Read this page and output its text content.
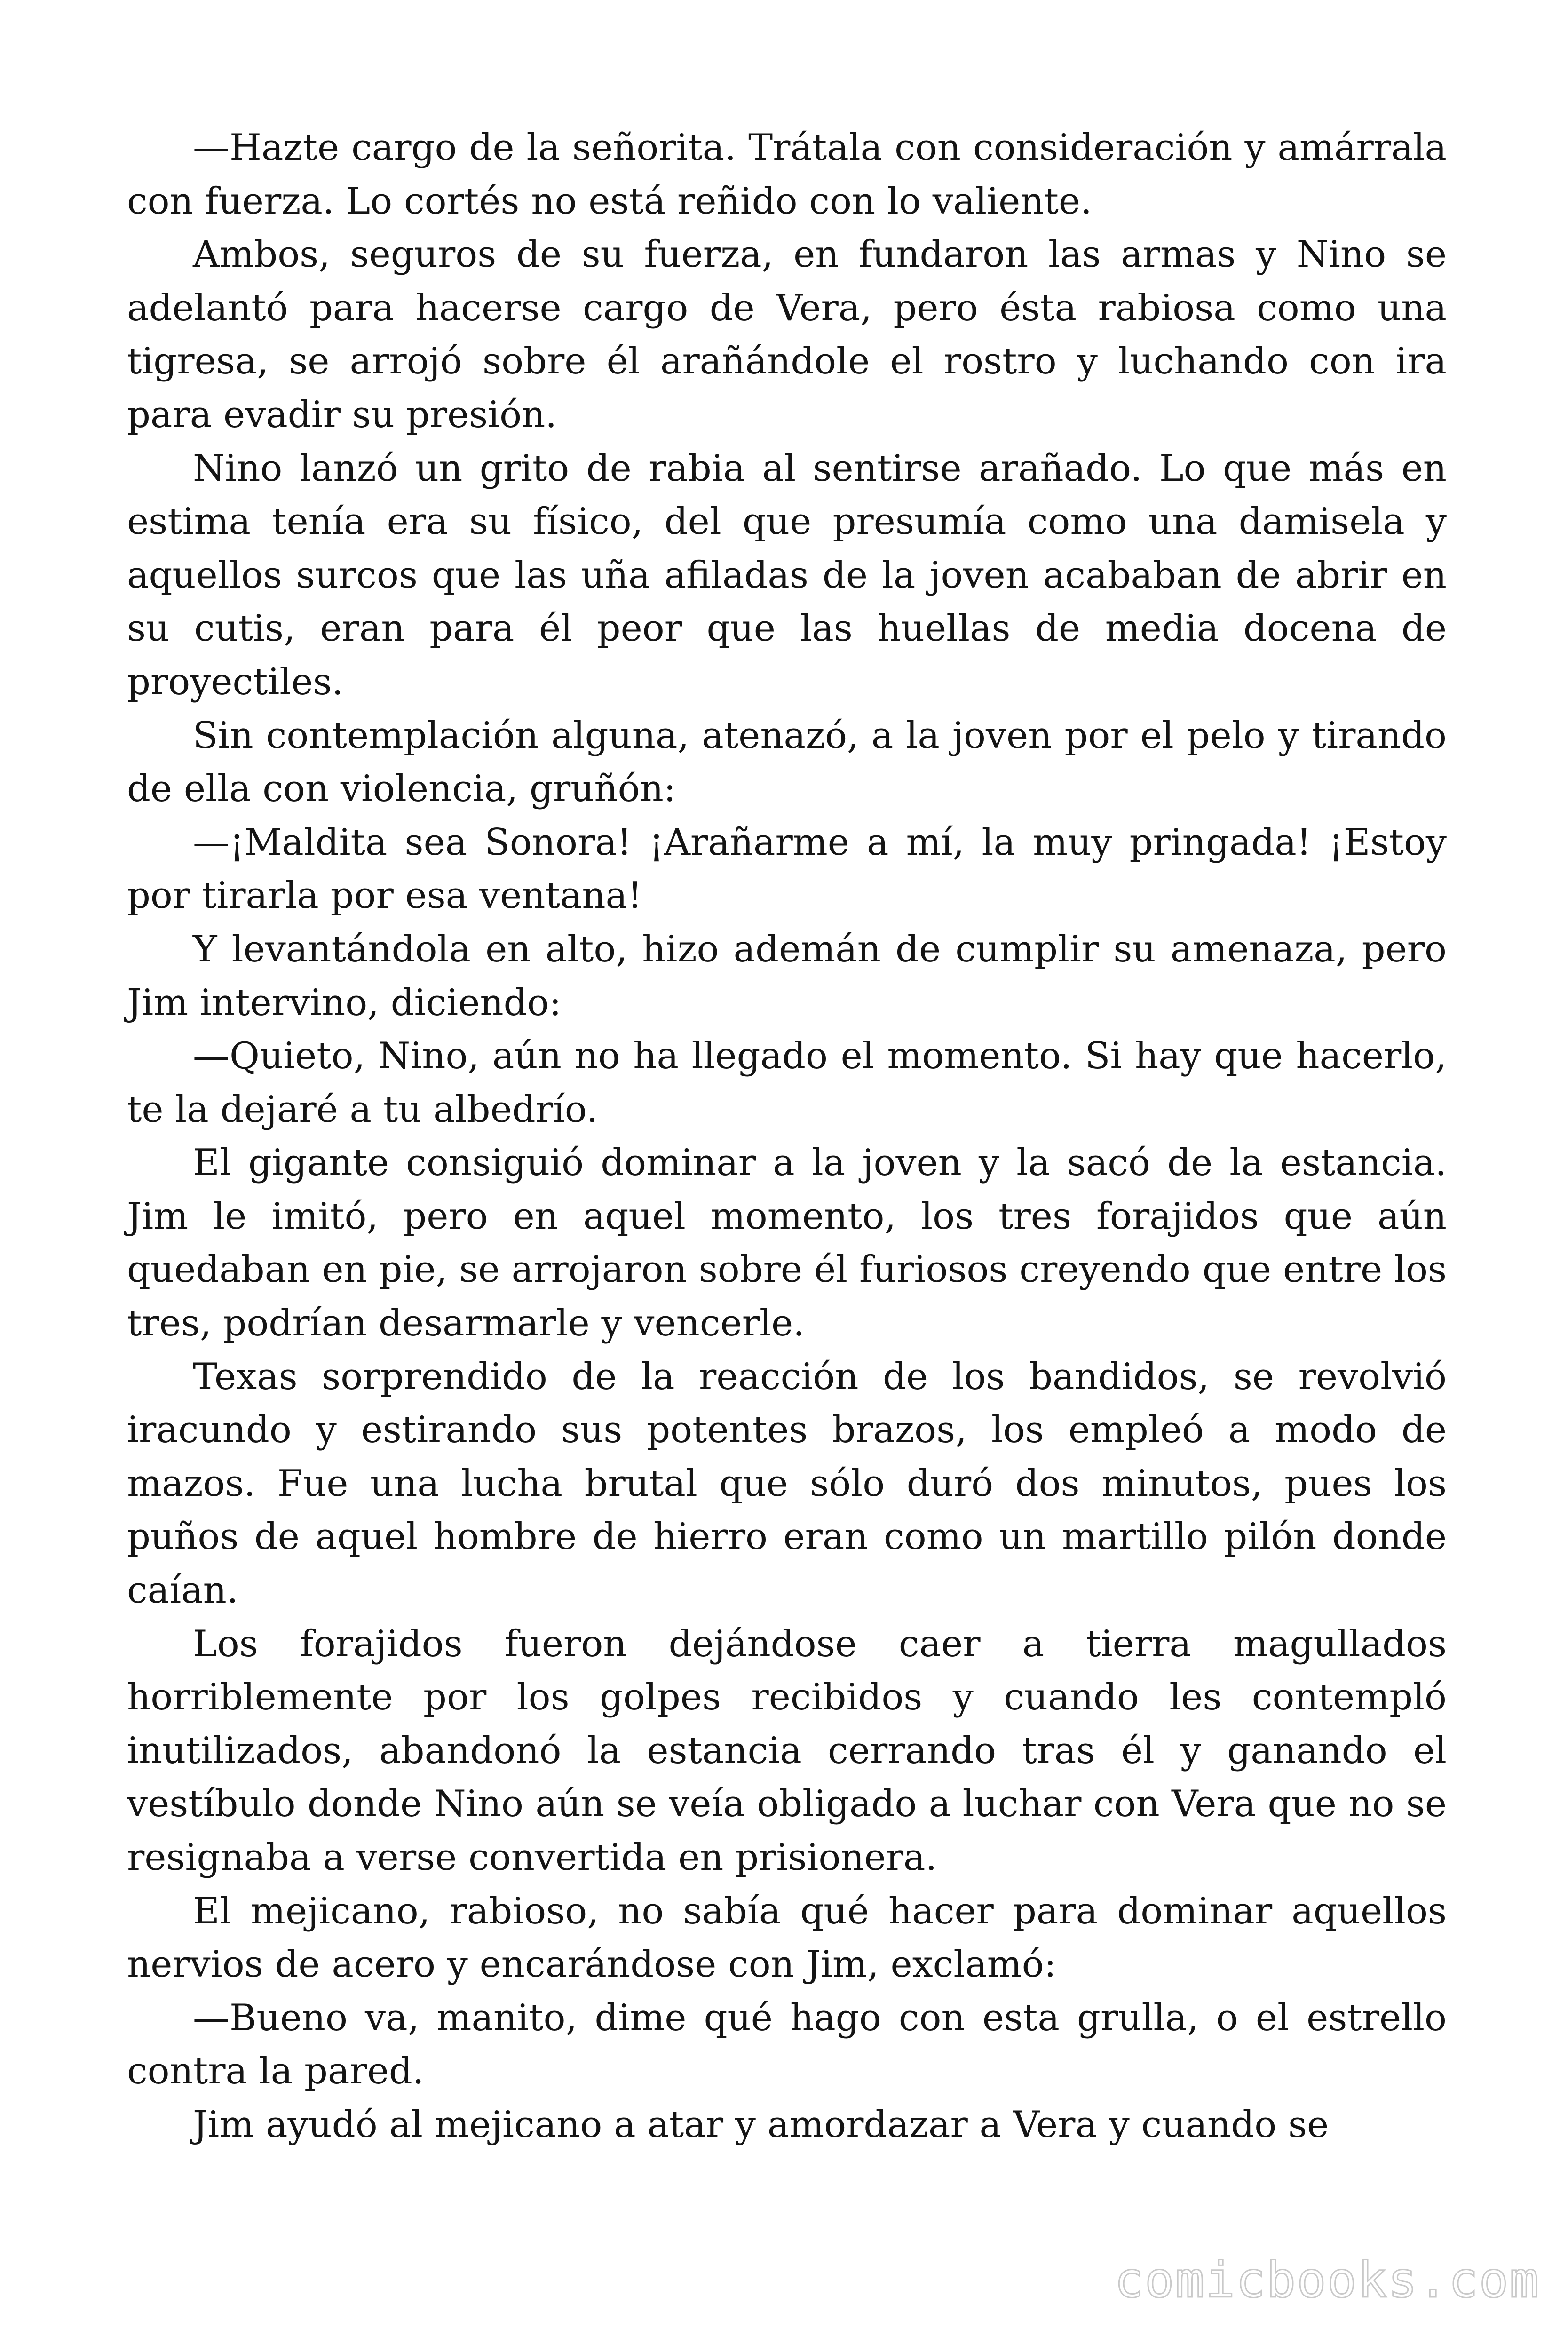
—Hazte cargo de la señorita. Trátala con consideración y amárrala con fuerza. Lo cortés no está reñido con lo valiente.

Ambos, seguros de su fuerza, en fundaron las armas y Nino se adelantó para hacerse cargo de Vera, pero ésta rabiosa como una tigresa, se arrojó sobre él arañándole el rostro y luchando con ira para evadir su presión.

Nino lanzó un grito de rabia al sentirse arañado. Lo que más en estima tenía era su físico, del que presumía como una damisela y aquellos surcos que las uña afiladas de la joven acababan de abrir en su cutis, eran para él peor que las huellas de media docena de proyectiles.

Sin contemplación alguna, atenazó, a la joven por el pelo y tirando de ella con violencia, gruñón:

—¡Maldita sea Sonora! ¡Arañarme a mí, la muy pringada! ¡Estoy por tirarla por esa ventana!

Y levantándola en alto, hizo ademán de cumplir su amenaza, pero Jim intervino, diciendo:

—Quieto, Nino, aún no ha llegado el momento. Si hay que hacerlo, te la dejaré a tu albedrío.

El gigante consiguió dominar a la joven y la sacó de la estancia. Jim le imitó, pero en aquel momento, los tres forajidos que aún quedaban en pie, se arrojaron sobre él furiosos creyendo que entre los tres, podrían desarmarle y vencerle.

Texas sorprendido de la reacción de los bandidos, se revolvió iracundo y estirando sus potentes brazos, los empleó a modo de mazos. Fue una lucha brutal que sólo duró dos minutos, pues los puños de aquel hombre de hierro eran como un martillo pilón donde caían.

Los forajidos fueron dejándose caer a tierra magullados horriblemente por los golpes recibidos y cuando les contempló inutilizados, abandonó la estancia cerrando tras él y ganando el vestíbulo donde Nino aún se veía obligado a luchar con Vera que no se resignaba a verse convertida en prisionera.

El mejicano, rabioso, no sabía qué hacer para dominar aquellos nervios de acero y encarándose con Jim, exclamó:

—Bueno va, manito, dime qué hago con esta grulla, o el estrello contra la pared.

Jim ayudó al mejicano a atar y amordazar a Vera y cuando se

comicbooks.com
